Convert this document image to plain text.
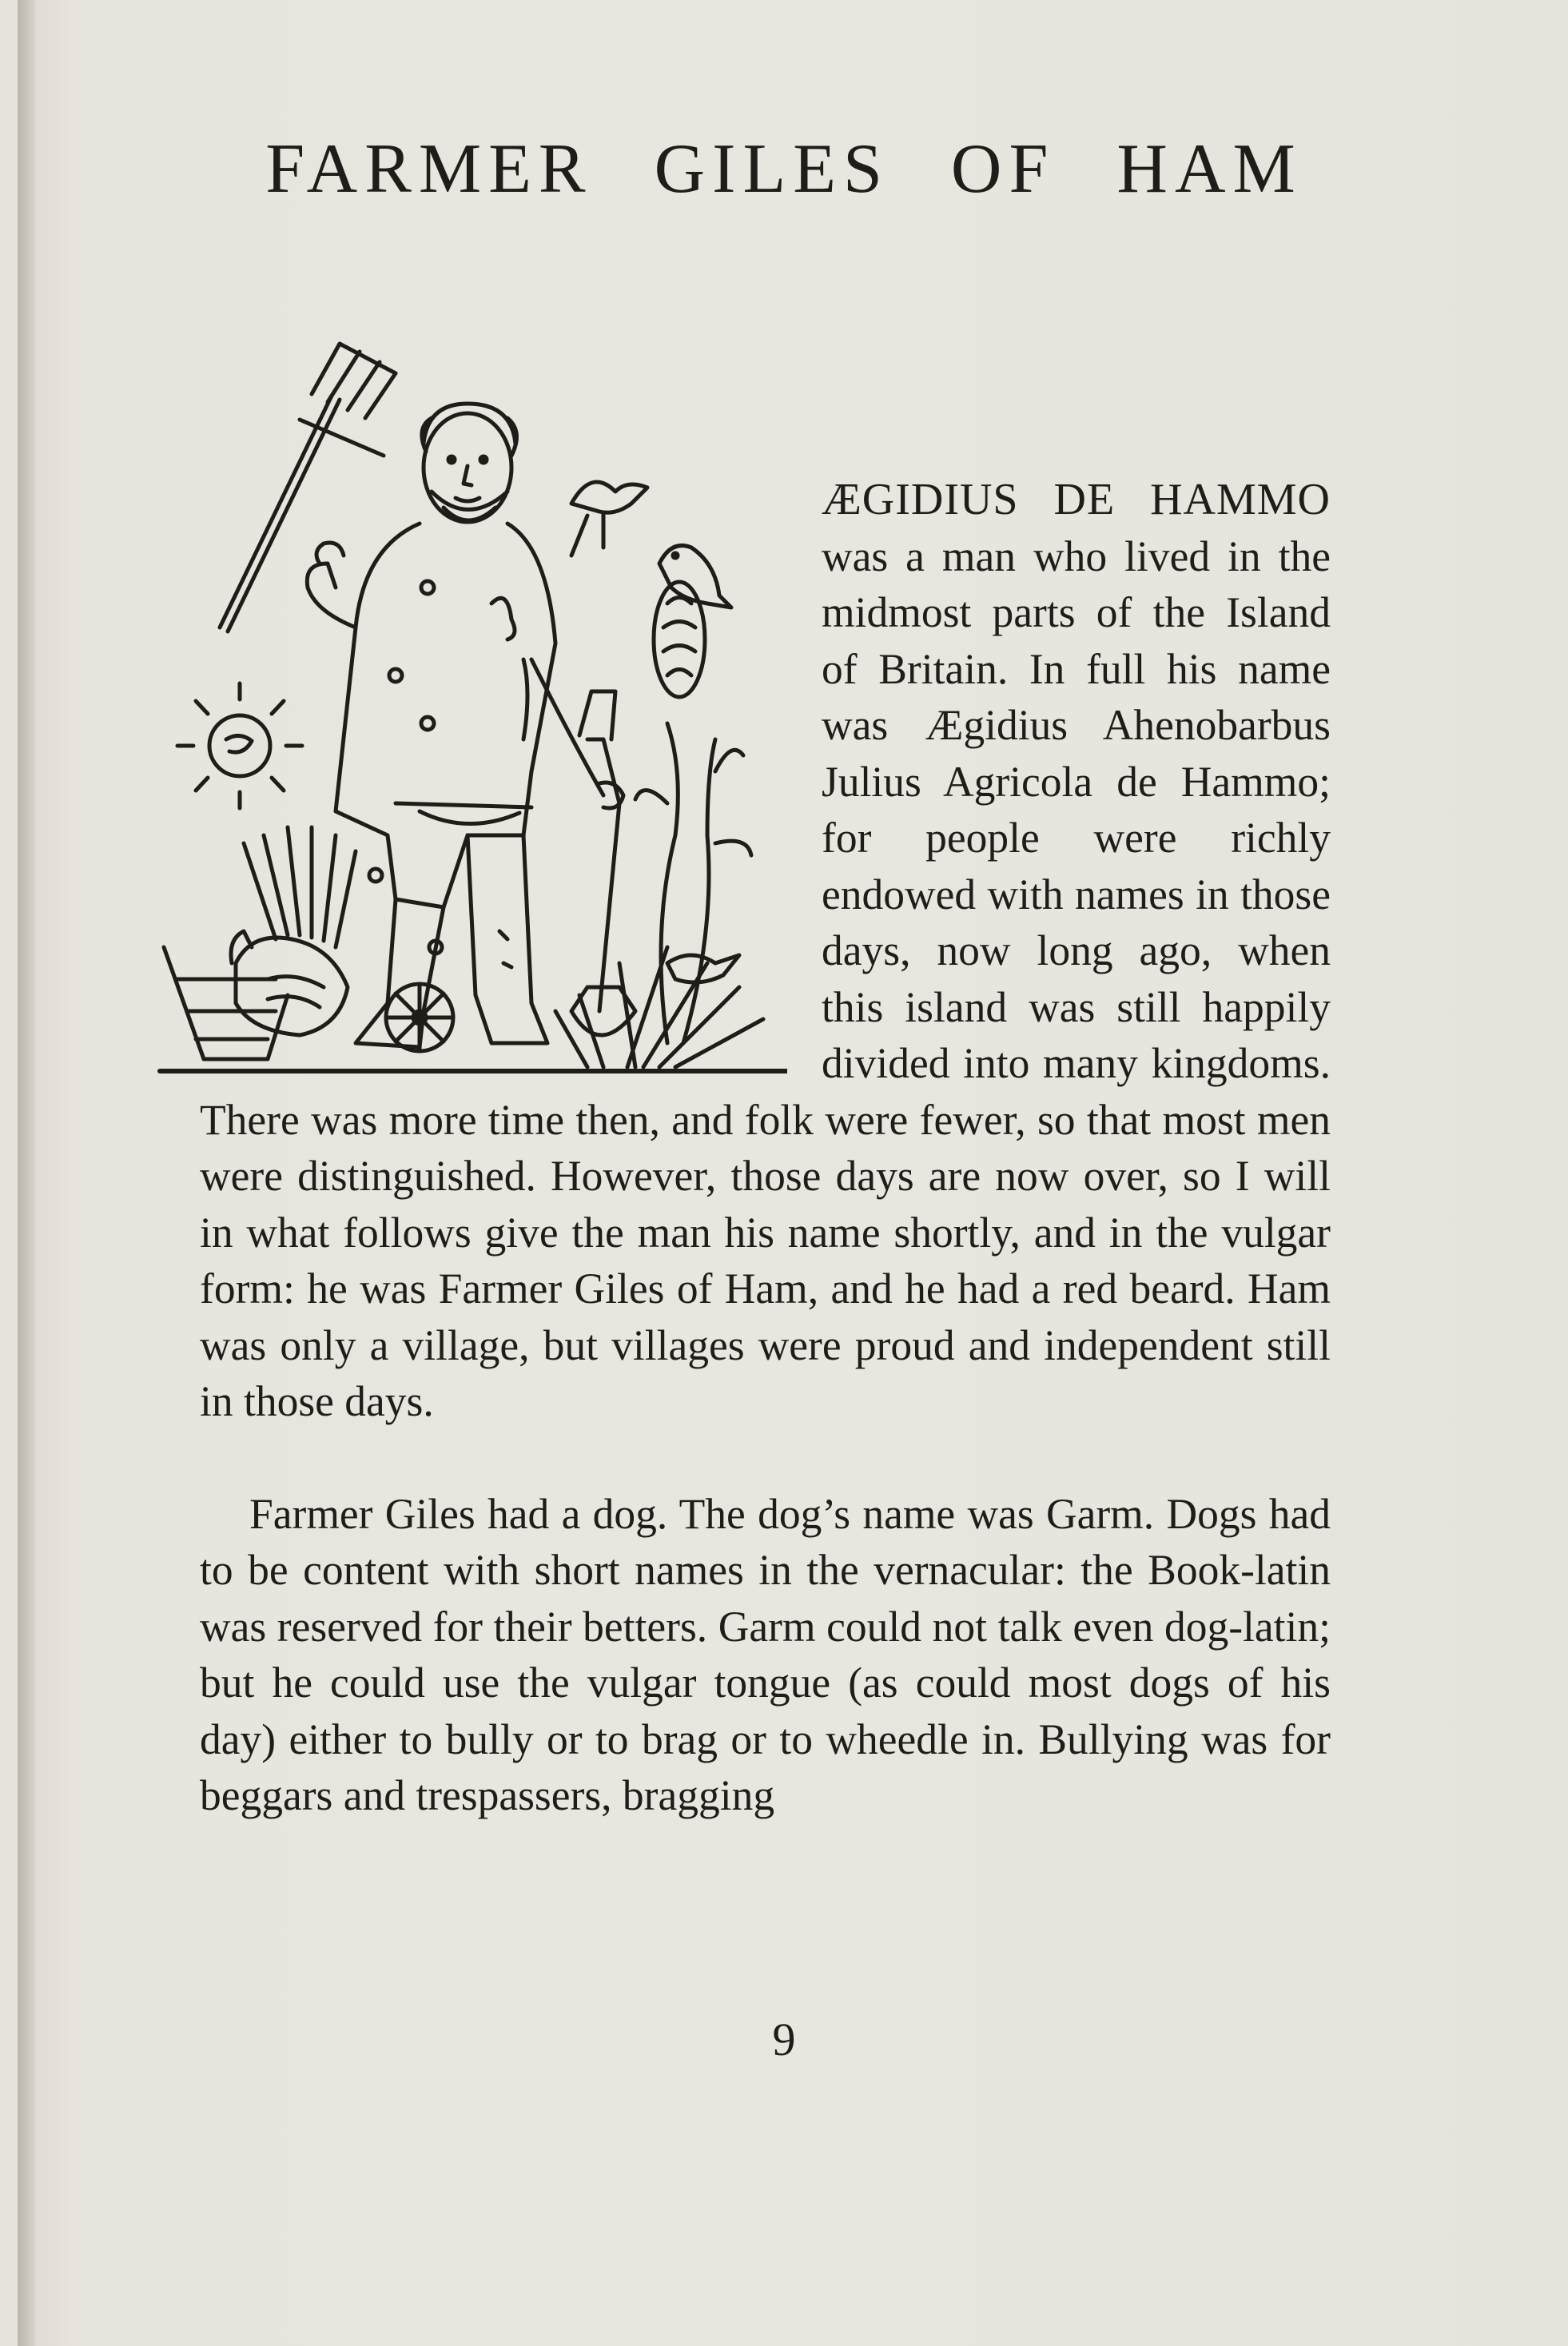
FARMER GILES OF HAM

ÆGIDIUS DE HAMMO was a man who lived in the midmost parts of the Island of Britain. In full his name was Ægidius Ahenobarbus Julius Agricola de Hammo; for people were richly endowed with names in those days, now long ago, when this island was still happily divided into many kingdoms. There was more time then, and folk were fewer, so that most men were distinguished. However, those days are now over, so I will in what follows give the man his name shortly, and in the vulgar form: he was Farmer Giles of Ham, and he had a red beard. Ham was only a village, but villages were proud and independent still in those days.

Farmer Giles had a dog. The dog’s name was Garm. Dogs had to be content with short names in the vernacular: the Book-latin was reserved for their betters. Garm could not talk even dog-latin; but he could use the vulgar tongue (as could most dogs of his day) either to bully or to brag or to wheedle in. Bullying was for beggars and trespassers, bragging

9
